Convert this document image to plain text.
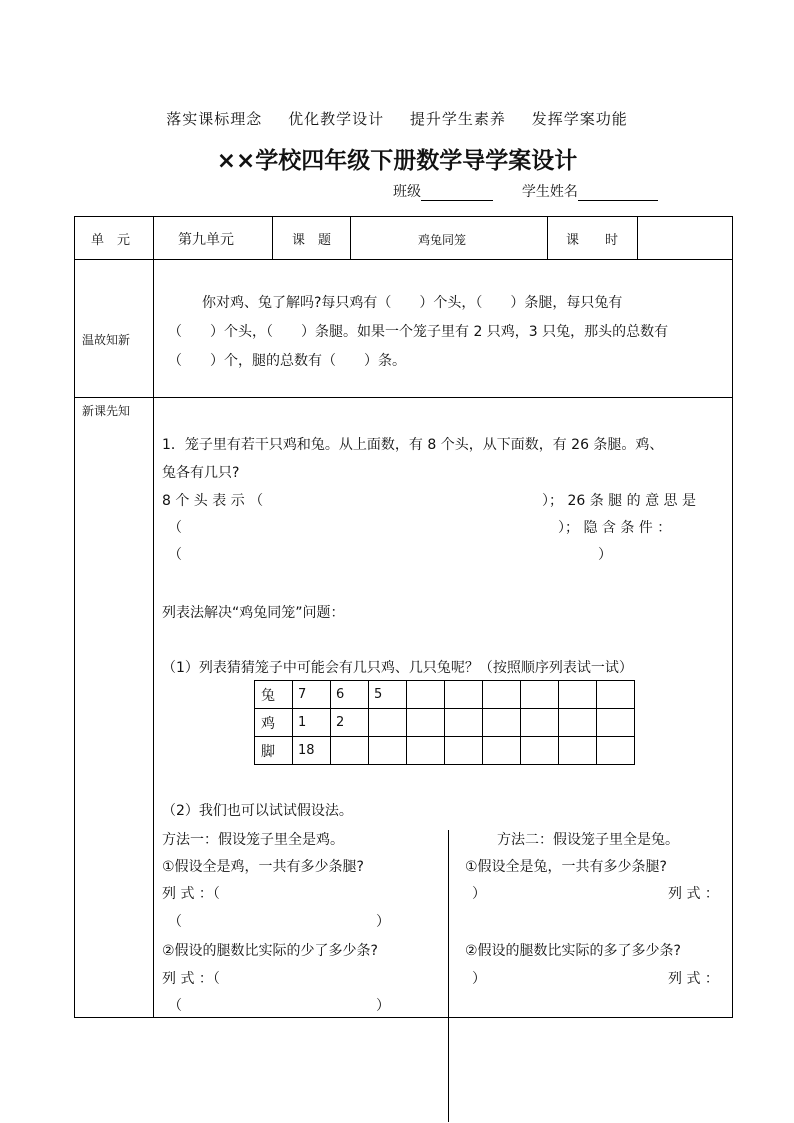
落实课标理念 优化教学设计 提升学生素养 发挥学案功能
××学校四年级下册数学导学案设计
班级	学生姓名
单　元	第九单元	课　题	鸡兔同笼	课　　时
温故知新
你对鸡、兔了解吗?每只鸡有（　　）个头，（　　）条腿，每只兔有
（　　）个头，（　　）条腿。如果一个笼子里有 2 只鸡，3 只兔，那头的总数有
（　　）个，腿的总数有（　　）条。
新课先知
1．笼子里有若干只鸡和兔。从上面数，有 8 个头，从下面数，有 26 条腿。鸡、
兔各有几只?
8 个 头 表 示 （	）； 26 条 腿 的 意 思 是
（	）； 隐 含 条 件 ：
（	）
列表法解决“鸡兔同笼”问题：
（1）列表猜猜笼子中可能会有几只鸡、几只兔呢？（按照顺序列表试一试）
兔	7	6	5						
鸡	1	2							
脚	18								
（2）我们也可以试试假设法。
方法一：假设笼子里全是鸡。
①假设全是鸡，一共有多少条腿?
列 式 ：（
（	）
②假设的腿数比实际的少了多少条?
列 式 ：（
（	）
方法二：假设笼子里全是兔。
①假设全是兔，一共有多少条腿?
）	列 式 ：
②假设的腿数比实际的多了多少条?
）	列 式 ：
